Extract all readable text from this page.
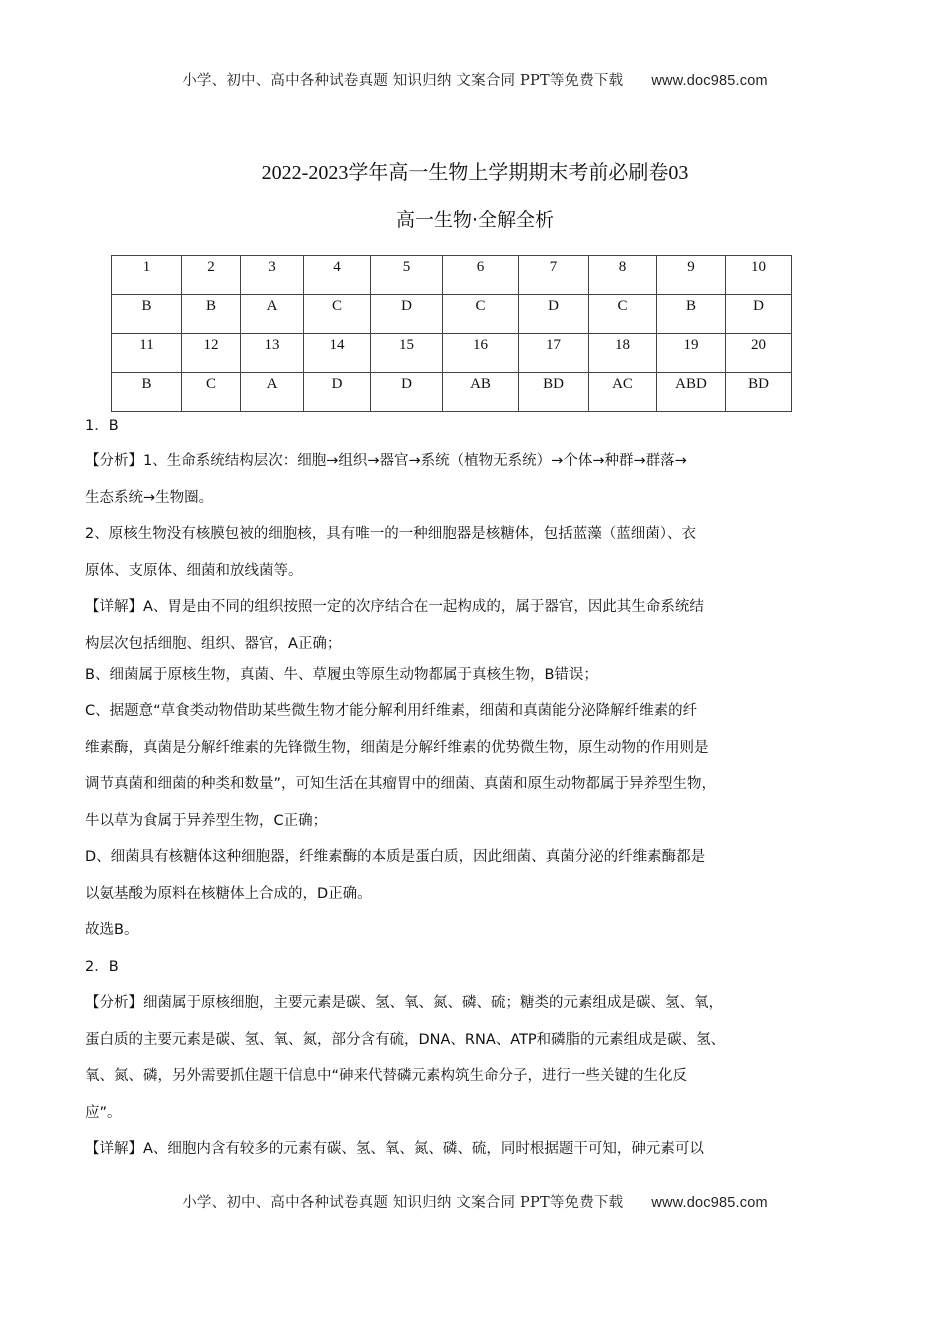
小学、初中、高中各种试卷真题 知识归纳 文案合同 PPT等免费下载 www.doc985.com
2022-2023学年高一生物上学期期末考前必刷卷03
高一生物·全解全析
1	2	3	4	5	6	7	8	9	10
B	B	A	C	D	C	D	C	B	D
11	12	13	14	15	16	17	18	19	20
B	C	A	D	D	AB	BD	AC	ABD	BD
1．B
【分析】1、生命系统结构层次：细胞→组织→器官→系统（植物无系统）→个体→种群→群落→
生态系统→生物圈。
2、原核生物没有核膜包被的细胞核，具有唯一的一种细胞器是核糖体，包括蓝藻（蓝细菌）、衣
原体、支原体、细菌和放线菌等。
【详解】A、胃是由不同的组织按照一定的次序结合在一起构成的，属于器官，因此其生命系统结
构层次包括细胞、组织、器官，A正确；
B、细菌属于原核生物，真菌、牛、草履虫等原生动物都属于真核生物，B错误；
C、据题意“草食类动物借助某些微生物才能分解利用纤维素，细菌和真菌能分泌降解纤维素的纤
维素酶，真菌是分解纤维素的先锋微生物，细菌是分解纤维素的优势微生物，原生动物的作用则是
调节真菌和细菌的种类和数量”，可知生活在其瘤胃中的细菌、真菌和原生动物都属于异养型生物，
牛以草为食属于异养型生物，C正确；
D、细菌具有核糖体这种细胞器，纤维素酶的本质是蛋白质，因此细菌、真菌分泌的纤维素酶都是
以氨基酸为原料在核糖体上合成的，D正确。
故选B。
2．B
【分析】细菌属于原核细胞，主要元素是碳、氢、氧、氮、磷、硫；糖类的元素组成是碳、氢、氧，
蛋白质的主要元素是碳、氢、氧、氮，部分含有硫，DNA、RNA、ATP和磷脂的元素组成是碳、氢、
氧、氮、磷，另外需要抓住题干信息中“砷来代替磷元素构筑生命分子，进行一些关键的生化反
应”。
【详解】A、细胞内含有较多的元素有碳、氢、氧、氮、磷、硫，同时根据题干可知，砷元素可以
小学、初中、高中各种试卷真题 知识归纳 文案合同 PPT等免费下载 www.doc985.com
